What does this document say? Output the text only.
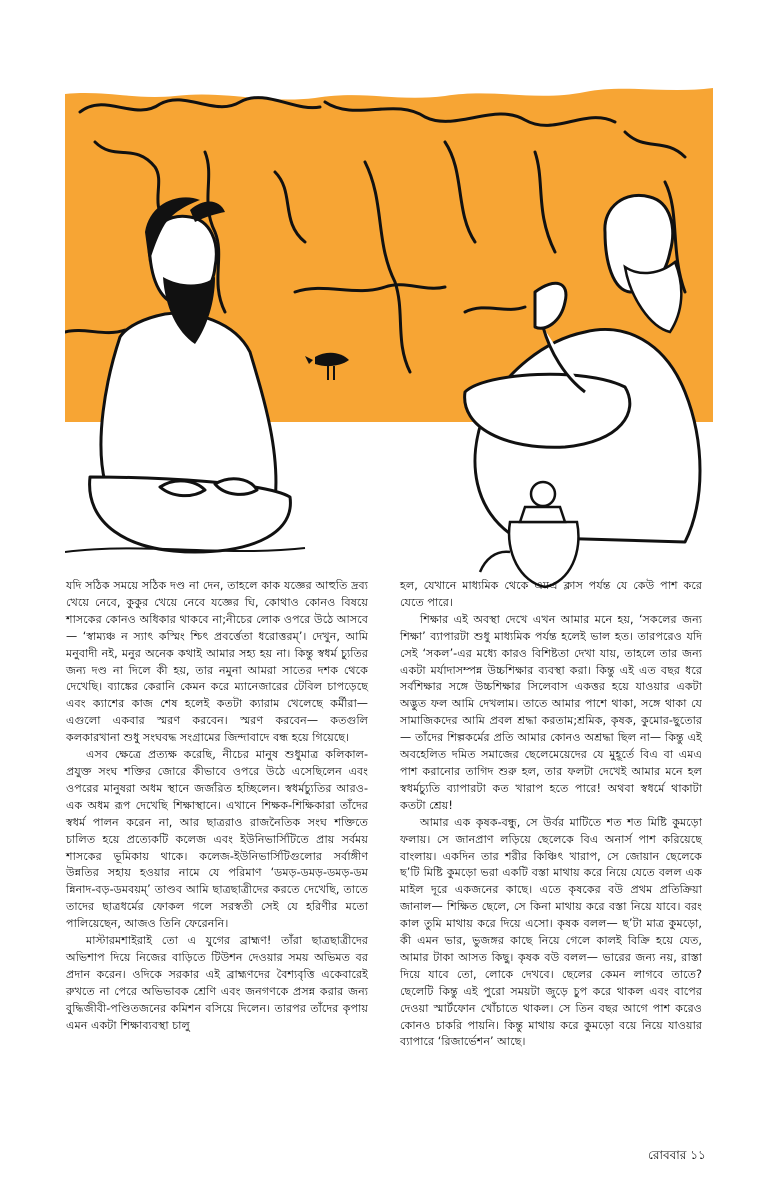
যদি সঠিক সময়ে সঠিক দণ্ড না দেন, তাহলে কাক যজ্ঞের আহুতি দ্রব্য খেয়ে নেবে, কুকুর খেয়ে নেবে যজ্ঞের ঘি, কোথাও কোনও বিষয়ে শাসকের কোনও অধিকার থাকবে না;নীচের লোক ওপরে উঠে আসবে— ‘স্বাম্যঞ্চ ন স্যাৎ কস্মিং শ্চিৎ প্রবর্ত্তেতা ধরোত্তরম্‌’। দেখুন, আমি মনুবাদী নই, মনুর অনেক কথাই আমার সহ্য হয় না। কিন্তু স্বধর্ম চ্যুতির জন্য দণ্ড না দিলে কী হয়, তার নমুনা আমরা সাতের দশক থেকে দেখেছি। ব্যাঙ্কের কেরানি কেমন করে ম্যানেজারের টেবিল চাপড়েছে এবং ক্যাশের কাজ শেষ হলেই কতটা ক্যারাম খেলেছে কর্মীরা— এগুলো একবার স্মরণ করবেন। স্মরণ করবেন— কতগুলি কলকারখানা শুধু সংঘবদ্ধ সংগ্রামের জিন্দাবাদে বন্ধ হয়ে গিয়েছে।

এসব ক্ষেত্রে প্রত্যক্ষ করেছি, নীচের মানুষ শুধুমাত্র কলিকাল-প্রযুক্ত সংঘ শক্তির জোরে কীভাবে ওপরে উঠে এসেছিলেন এবং ওপরের মানুষরা অধম স্থানে জর্জরিত হচ্ছিলেন। স্বধর্মচ্যুতির আরও-এক অধম রূপ দেখেছি শিক্ষাস্থানে। এখানে শিক্ষক-শিক্ষিকারা তাঁদের স্বধর্ম পালন করেন না, আর ছাত্ররাও রাজনৈতিক সংঘ শক্তিতে চালিত হয়ে প্রত্যেকটি কলেজ এবং ইউনিভার্সিটিতে প্রায় সর্বময় শাসকের ভূমিকায় থাকে। কলেজ-ইউনিভার্সিটিগুলোর সর্বাঙ্গীণ উন্নতির সহায় হওয়ার নামে যে পরিমাণ ‘ডমড়-ডমড়-ডমড়-ডম ন্নিনাদ-বড়-ডমবয়ম্‌’ তাণ্ডব আমি ছাত্রছাত্রীদের করতে দেখেছি, তাতে তাদের ছাত্রধর্মের ফোকল গলে সরস্বতী সেই যে হরিণীর মতো পালিয়েছেন, আজও তিনি ফেরেননি।

মাস্টারমশাইরাই তো এ যুগের ব্রাহ্মণ! তাঁরা ছাত্রছাত্রীদের অভিশাপ দিয়ে নিজের বাড়িতে টিউশন দেওয়ার সময় অভিমত বর প্রদান করেন। ওদিকে সরকার এই ব্রাহ্মণদের বৈশ্যবৃত্তি একেবারেই রুখতে না পেরে অভিভাবক শ্রেণি এবং জনগণকে প্রসন্ন করার জন্য বুদ্ধিজীবী-পণ্ডিতজনের কমিশন বসিয়ে দিলেন। তারপর তাঁদের কৃপায় এমন একটা শিক্ষাব্যবস্থা চালু

হল, যেখানে মাধ্যমিক থেকে এমএ ক্লাস পর্যন্ত যে কেউ পাশ করে যেতে পারে।

শিক্ষার এই অবস্থা দেখে এখন আমার মনে হয়, ‘সকলের জন্য শিক্ষা’ ব্যাপারটা শুধু মাধ্যমিক পর্যন্ত হলেই ভাল হত। তারপরেও যদি সেই ‘সকল’-এর মধ্যে কারও বিশিষ্টতা দেখা যায়, তাহলে তার জন্য একটা মর্যাদাসম্পন্ন উচ্চশিক্ষার ব্যবস্থা করা। কিন্তু এই এত বছর ধরে সর্বশিক্ষার সঙ্গে উচ্চশিক্ষার সিলেবাস একত্তর হয়ে যাওয়ার একটা অদ্ভুত ফল আমি দেখলাম। তাতে আমার পাশে থাকা, সঙ্গে থাকা যে সামাজিকদের আমি প্রবল শ্রদ্ধা করতাম;শ্রমিক, কৃষক, কুমোর-ছুতোর— তাঁদের শিল্পকর্মের প্রতি আমার কোনও অশ্রদ্ধা ছিল না— কিন্তু এই অবহেলিত দমিত সমাজের ছেলেমেয়েদের যে মুহূর্তে বিএ বা এমএ পাশ করানোর তাগিদ শুরু হল, তার ফলটা দেখেই আমার মনে হল স্বধর্মচ্যুতি ব্যাপারটা কত খারাপ হতে পারে! অথবা স্বধর্মে থাকাটা কতটা শ্রেয়!

আমার এক কৃষক-বন্ধু, সে উর্বর মাটিতে শত শত মিষ্টি কুমড়ো ফলায়। সে জানপ্রাণ লড়িয়ে ছেলেকে বিএ অনার্স পাশ করিয়েছে বাংলায়। একদিন তার শরীর কিঞ্চিৎ খারাপ, সে জোয়ান ছেলেকে ছ’টি মিষ্টি কুমড়ো ভরা একটি বস্তা মাথায় করে নিয়ে যেতে বলল এক মাইল দূরে একজনের কাছে। এতে কৃষকের বউ প্রথম প্রতিক্রিয়া জানাল— শিক্ষিত ছেলে, সে কিনা মাথায় করে বস্তা নিয়ে যাবে। বরং কাল তুমি মাথায় করে দিয়ে এসো। কৃষক বলল— ছ’টা মাত্র কুমড়ো, কী এমন ভার, ভুজঙ্গর কাছে নিয়ে গেলে কালই বিক্রি হয়ে যেত, আমার টাকা আসত কিছু। কৃষক বউ বলল— ভারের জন্য নয়, রাস্তা দিয়ে যাবে তো, লোকে দেখবে। ছেলের কেমন লাগবে তাতে? ছেলেটি কিন্তু এই পুরো সময়টা জুড়ে চুপ করে থাকল এবং বাপের দেওয়া স্মার্টফোন খোঁচাতে থাকল। সে তিন বছর আগে পাশ করেও কোনও চাকরি পায়নি। কিন্তু মাথায় করে কুমড়ো বয়ে নিয়ে যাওয়ার ব্যাপারে ‘রিজার্ভেশন’ আছে।

রোববার ১১
